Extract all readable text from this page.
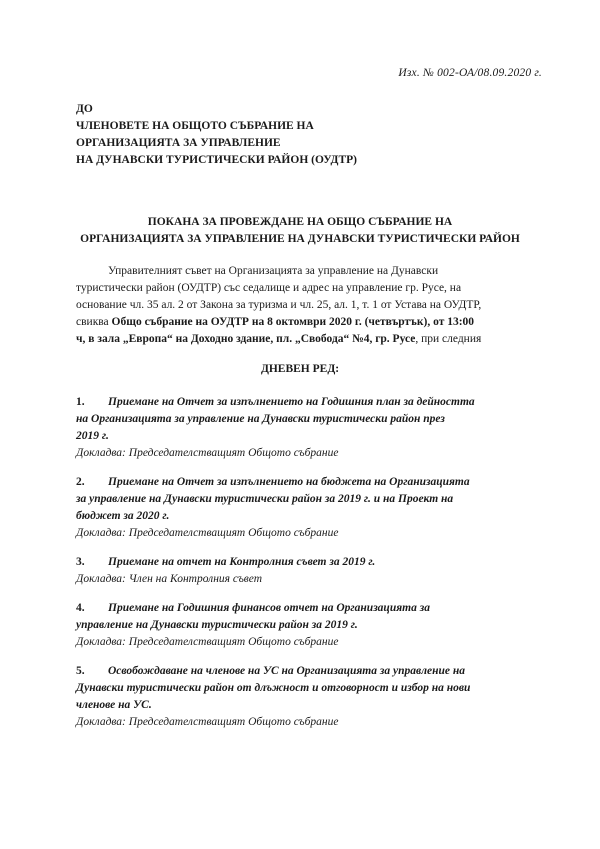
Изх. № 002-ОА/08.09.2020 г.
ДО
ЧЛЕНОВЕТЕ НА ОБЩОТО СЪБРАНИЕ НА
ОРГАНИЗАЦИЯТА ЗА УПРАВЛЕНИЕ
НА ДУНАВСКИ ТУРИСТИЧЕСКИ РАЙОН (ОУДТР)
ПОКАНА ЗА ПРОВЕЖДАНЕ НА ОБЩО СЪБРАНИЕ НА
ОРГАНИЗАЦИЯТА ЗА УПРАВЛЕНИЕ НА ДУНАВСКИ ТУРИСТИЧЕСКИ РАЙОН
Управителният съвет на Организацията за управление на Дунавски
туристически район (ОУДТР) със седалище и адрес на управление гр. Русе, на
основание чл. 35 ал. 2 от Закона за туризма и чл. 25, ал. 1, т. 1 от Устава на ОУДТР,
свиква Общо събрание на ОУДТР на 8 октомври 2020 г. (четвъртък), от 13:00
ч, в зала „Европа“ на Доходно здание, пл. „Свобода“ №4, гр. Русе, при следния
ДНЕВЕН РЕД:
1. Приемане на Отчет за изпълнението на Годишния план за дейността
на Организацията за управление на Дунавски туристически район през
2019 г.
Докладва: Председателстващият Общото събрание
2. Приемане на Отчет за изпълнението на бюджета на Организацията
за управление на Дунавски туристически район за 2019 г. и на Проект на
бюджет за 2020 г.
Докладва: Председателстващият Общото събрание
3. Приемане на отчет на Контролния съвет за 2019 г.
Докладва: Член на Контролния съвет
4. Приемане на Годишния финансов отчет на Организацията за
управление на Дунавски туристически район за 2019 г.
Докладва: Председателстващият Общото събрание
5. Освобождаване на членове на УС на Организацията за управление на
Дунавски туристически район от длъжност и отговорност и избор на нови
членове на УС.
Докладва: Председателстващият Общото събрание
